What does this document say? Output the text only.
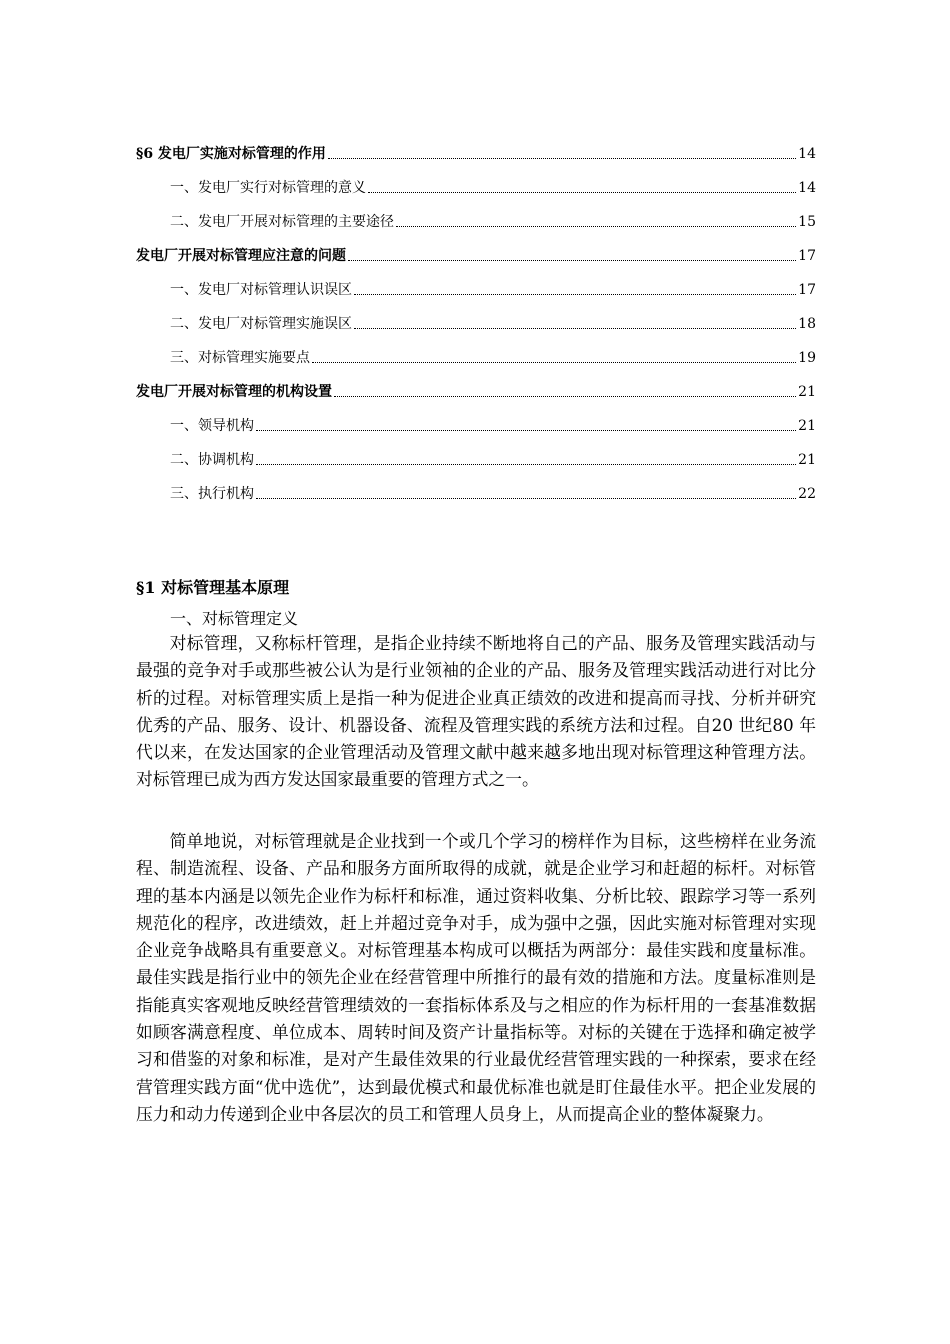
§6 发电厂实施对标管理的作用	14
一、发电厂实行对标管理的意义	14
二、发电厂开展对标管理的主要途径	15
发电厂开展对标管理应注意的问题	17
一、发电厂对标管理认识误区	17
二、发电厂对标管理实施误区	18
三、对标管理实施要点	19
发电厂开展对标管理的机构设置	21
一、领导机构	21
二、协调机构	21
三、执行机构	22
§1 对标管理基本原理
一、对标管理定义

对标管理，又称标杆管理，是指企业持续不断地将自己的产品、服务及管理实践活动与最强的竞争对手或那些被公认为是行业领袖的企业的产品、服务及管理实践活动进行对比分析的过程。对标管理实质上是指一种为促进企业真正绩效的改进和提高而寻找、分析并研究优秀的产品、服务、设计、机器设备、流程及管理实践的系统方法和过程。自20 世纪80 年代以来，在发达国家的企业管理活动及管理文献中越来越多地出现对标管理这种管理方法。对标管理已成为西方发达国家最重要的管理方式之一。

简单地说，对标管理就是企业找到一个或几个学习的榜样作为目标，这些榜样在业务流程、制造流程、设备、产品和服务方面所取得的成就，就是企业学习和赶超的标杆。对标管理的基本内涵是以领先企业作为标杆和标准，通过资料收集、分析比较、跟踪学习等一系列规范化的程序，改进绩效，赶上并超过竞争对手，成为强中之强，因此实施对标管理对实现企业竞争战略具有重要意义。对标管理基本构成可以概括为两部分：最佳实践和度量标准。最佳实践是指行业中的领先企业在经营管理中所推行的最有效的措施和方法。度量标准则是指能真实客观地反映经营管理绩效的一套指标体系及与之相应的作为标杆用的一套基准数据如顾客满意程度、单位成本、周转时间及资产计量指标等。对标的关键在于选择和确定被学习和借鉴的对象和标准，是对产生最佳效果的行业最优经营管理实践的一种探索，要求在经营管理实践方面“优中选优”，达到最优模式和最优标准也就是盯住最佳水平。把企业发展的压力和动力传递到企业中各层次的员工和管理人员身上，从而提高企业的整体凝聚力。
